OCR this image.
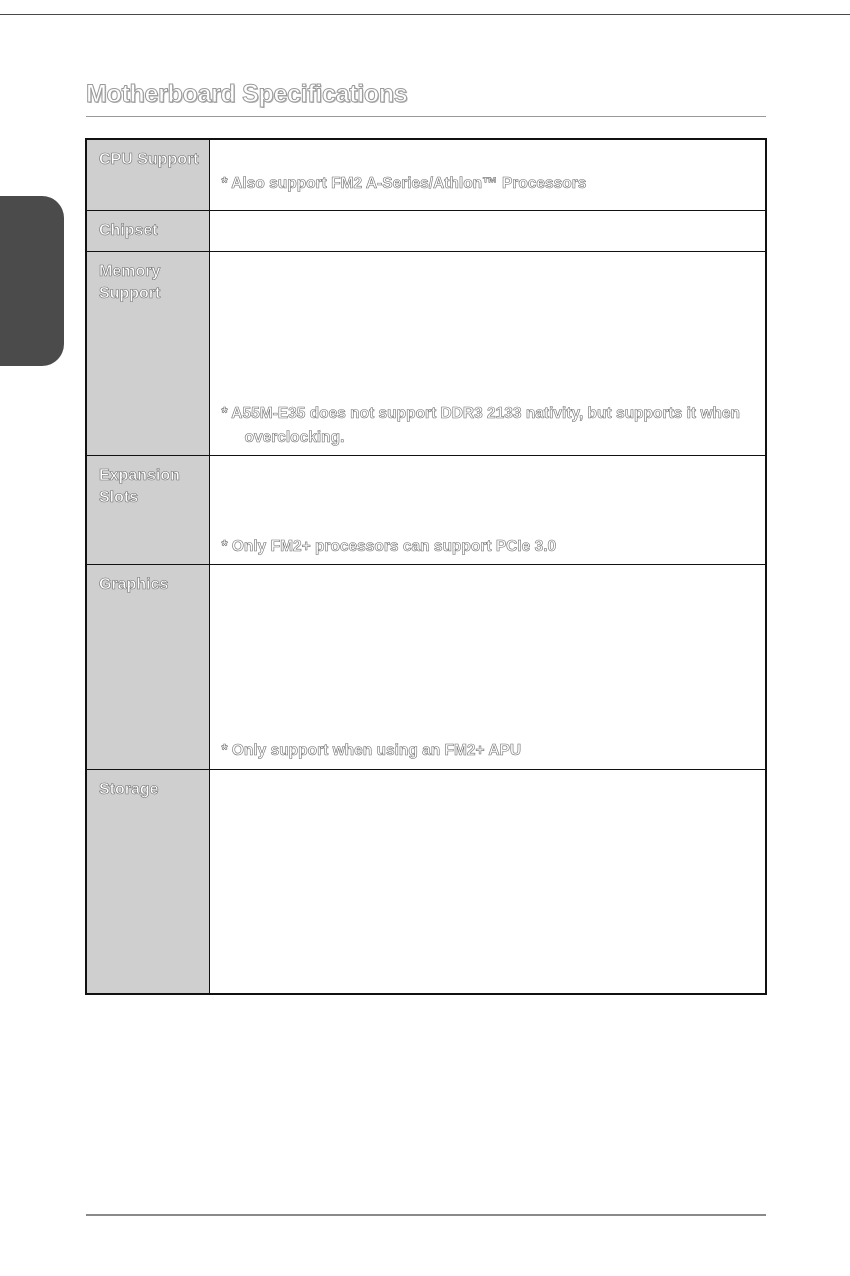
Motherboard Specifications
CPU Support	* Also support FM2 A-Series/Athlon™ Processors

Chipset	

Memory Support	* A55M-E35 does not support DDR3 2133 nativity, but supports it when overclocking.

Expansion Slots	* Only FM2+ processors can support PCIe 3.0

Graphics	* Only support when using an FM2+ APU

Storage	
